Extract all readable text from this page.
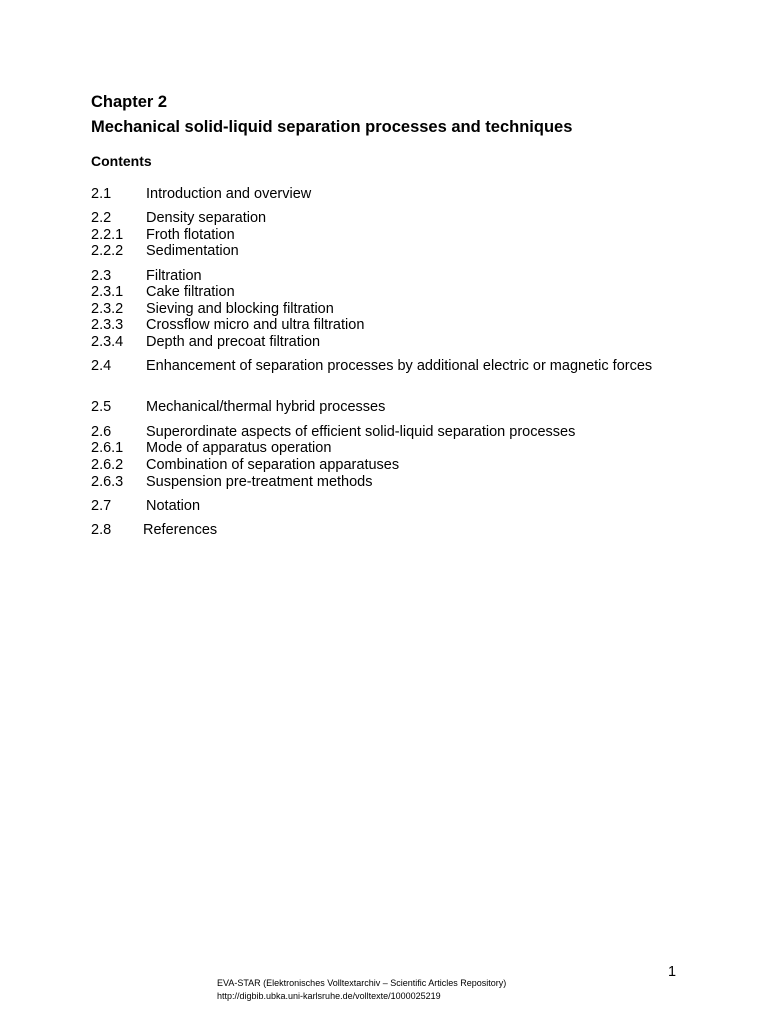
Chapter 2
Mechanical solid-liquid separation processes and techniques
Contents
2.1 Introduction and overview
2.2 Density separation
2.2.1 Froth flotation
2.2.2 Sedimentation
2.3 Filtration
2.3.1 Cake filtration
2.3.2 Sieving and blocking filtration
2.3.3 Crossflow micro and ultra filtration
2.3.4 Depth and precoat filtration
2.4 Enhancement of separation processes by additional electric or magnetic forces
2.5 Mechanical/thermal hybrid processes
2.6 Superordinate aspects of efficient solid-liquid separation processes
2.6.1 Mode of apparatus operation
2.6.2 Combination of separation apparatuses
2.6.3 Suspension pre-treatment methods
2.7 Notation
2.8 References
1
EVA-STAR (Elektronisches Volltextarchiv – Scientific Articles Repository)
http://digbib.ubka.uni-karlsruhe.de/volltexte/1000025219
